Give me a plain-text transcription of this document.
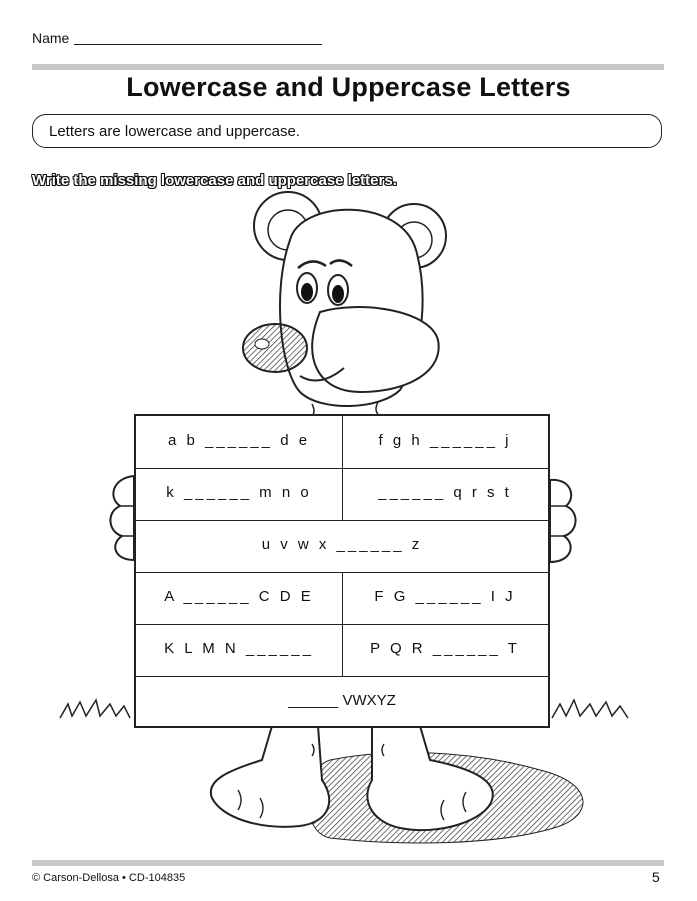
Name
Lowercase and Uppercase Letters
Letters are lowercase and uppercase.
Write the missing lowercase and uppercase letters.
a b ______ d e	f g h ______ j
k ______ m n o	______ q r s t
u v w x ______ z
A ______ C D E	F G ______ I J
K L M N ______	P Q R ______ T
______ VWXYZ
© Carson-Dellosa • CD-104835	5
